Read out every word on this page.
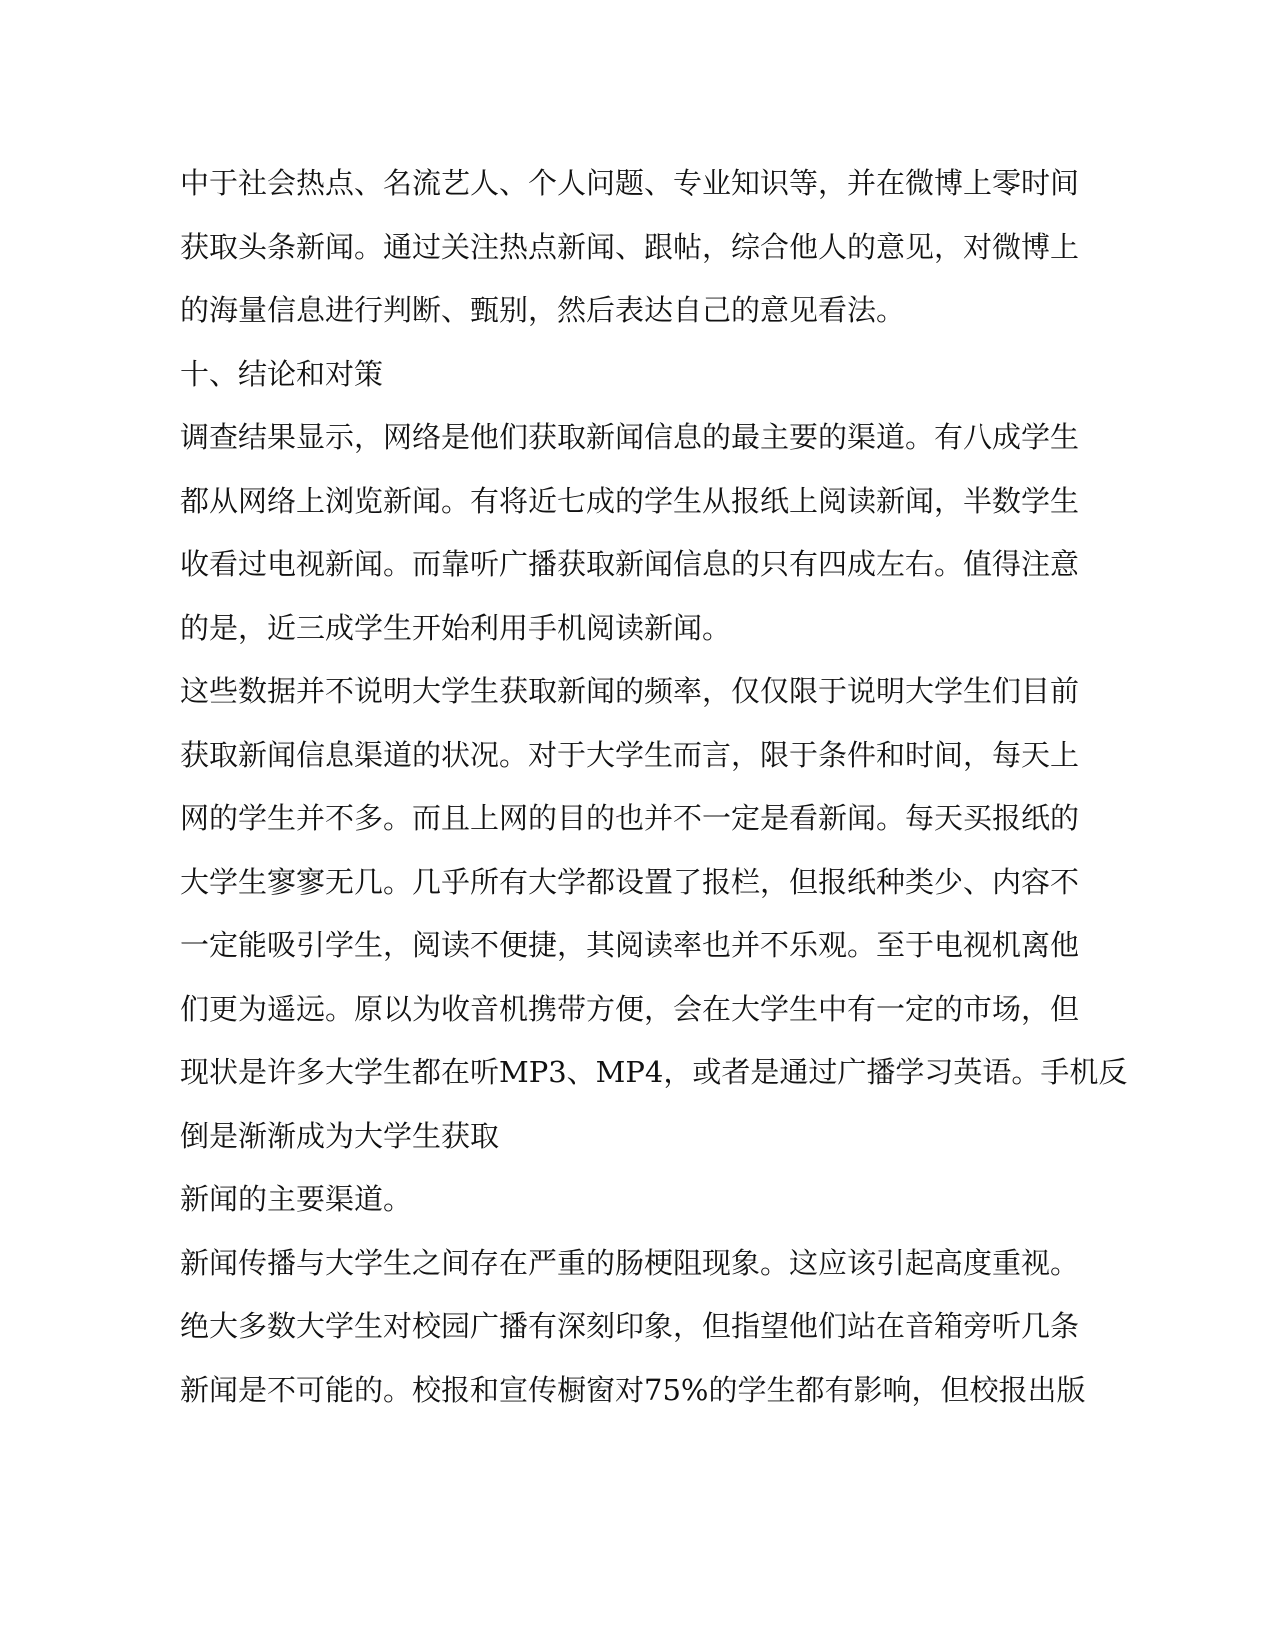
中于社会热点、名流艺人、个人问题、专业知识等，并在微博上零时间
获取头条新闻。通过关注热点新闻、跟帖，综合他人的意见，对微博上
的海量信息进行判断、甄别，然后表达自己的意见看法。
十、结论和对策
调查结果显示，网络是他们获取新闻信息的最主要的渠道。有八成学生
都从网络上浏览新闻。有将近七成的学生从报纸上阅读新闻，半数学生
收看过电视新闻。而靠听广播获取新闻信息的只有四成左右。值得注意
的是，近三成学生开始利用手机阅读新闻。
这些数据并不说明大学生获取新闻的频率，仅仅限于说明大学生们目前
获取新闻信息渠道的状况。对于大学生而言，限于条件和时间，每天上
网的学生并不多。而且上网的目的也并不一定是看新闻。每天买报纸的
大学生寥寥无几。几乎所有大学都设置了报栏，但报纸种类少、内容不
一定能吸引学生，阅读不便捷，其阅读率也并不乐观。至于电视机离他
们更为遥远。原以为收音机携带方便，会在大学生中有一定的市场，但
现状是许多大学生都在听MP3、MP4，或者是通过广播学习英语。手机反
倒是渐渐成为大学生获取
新闻的主要渠道。
新闻传播与大学生之间存在严重的肠梗阻现象。这应该引起高度重视。
绝大多数大学生对校园广播有深刻印象，但指望他们站在音箱旁听几条
新闻是不可能的。校报和宣传橱窗对75%的学生都有影响，但校报出版
